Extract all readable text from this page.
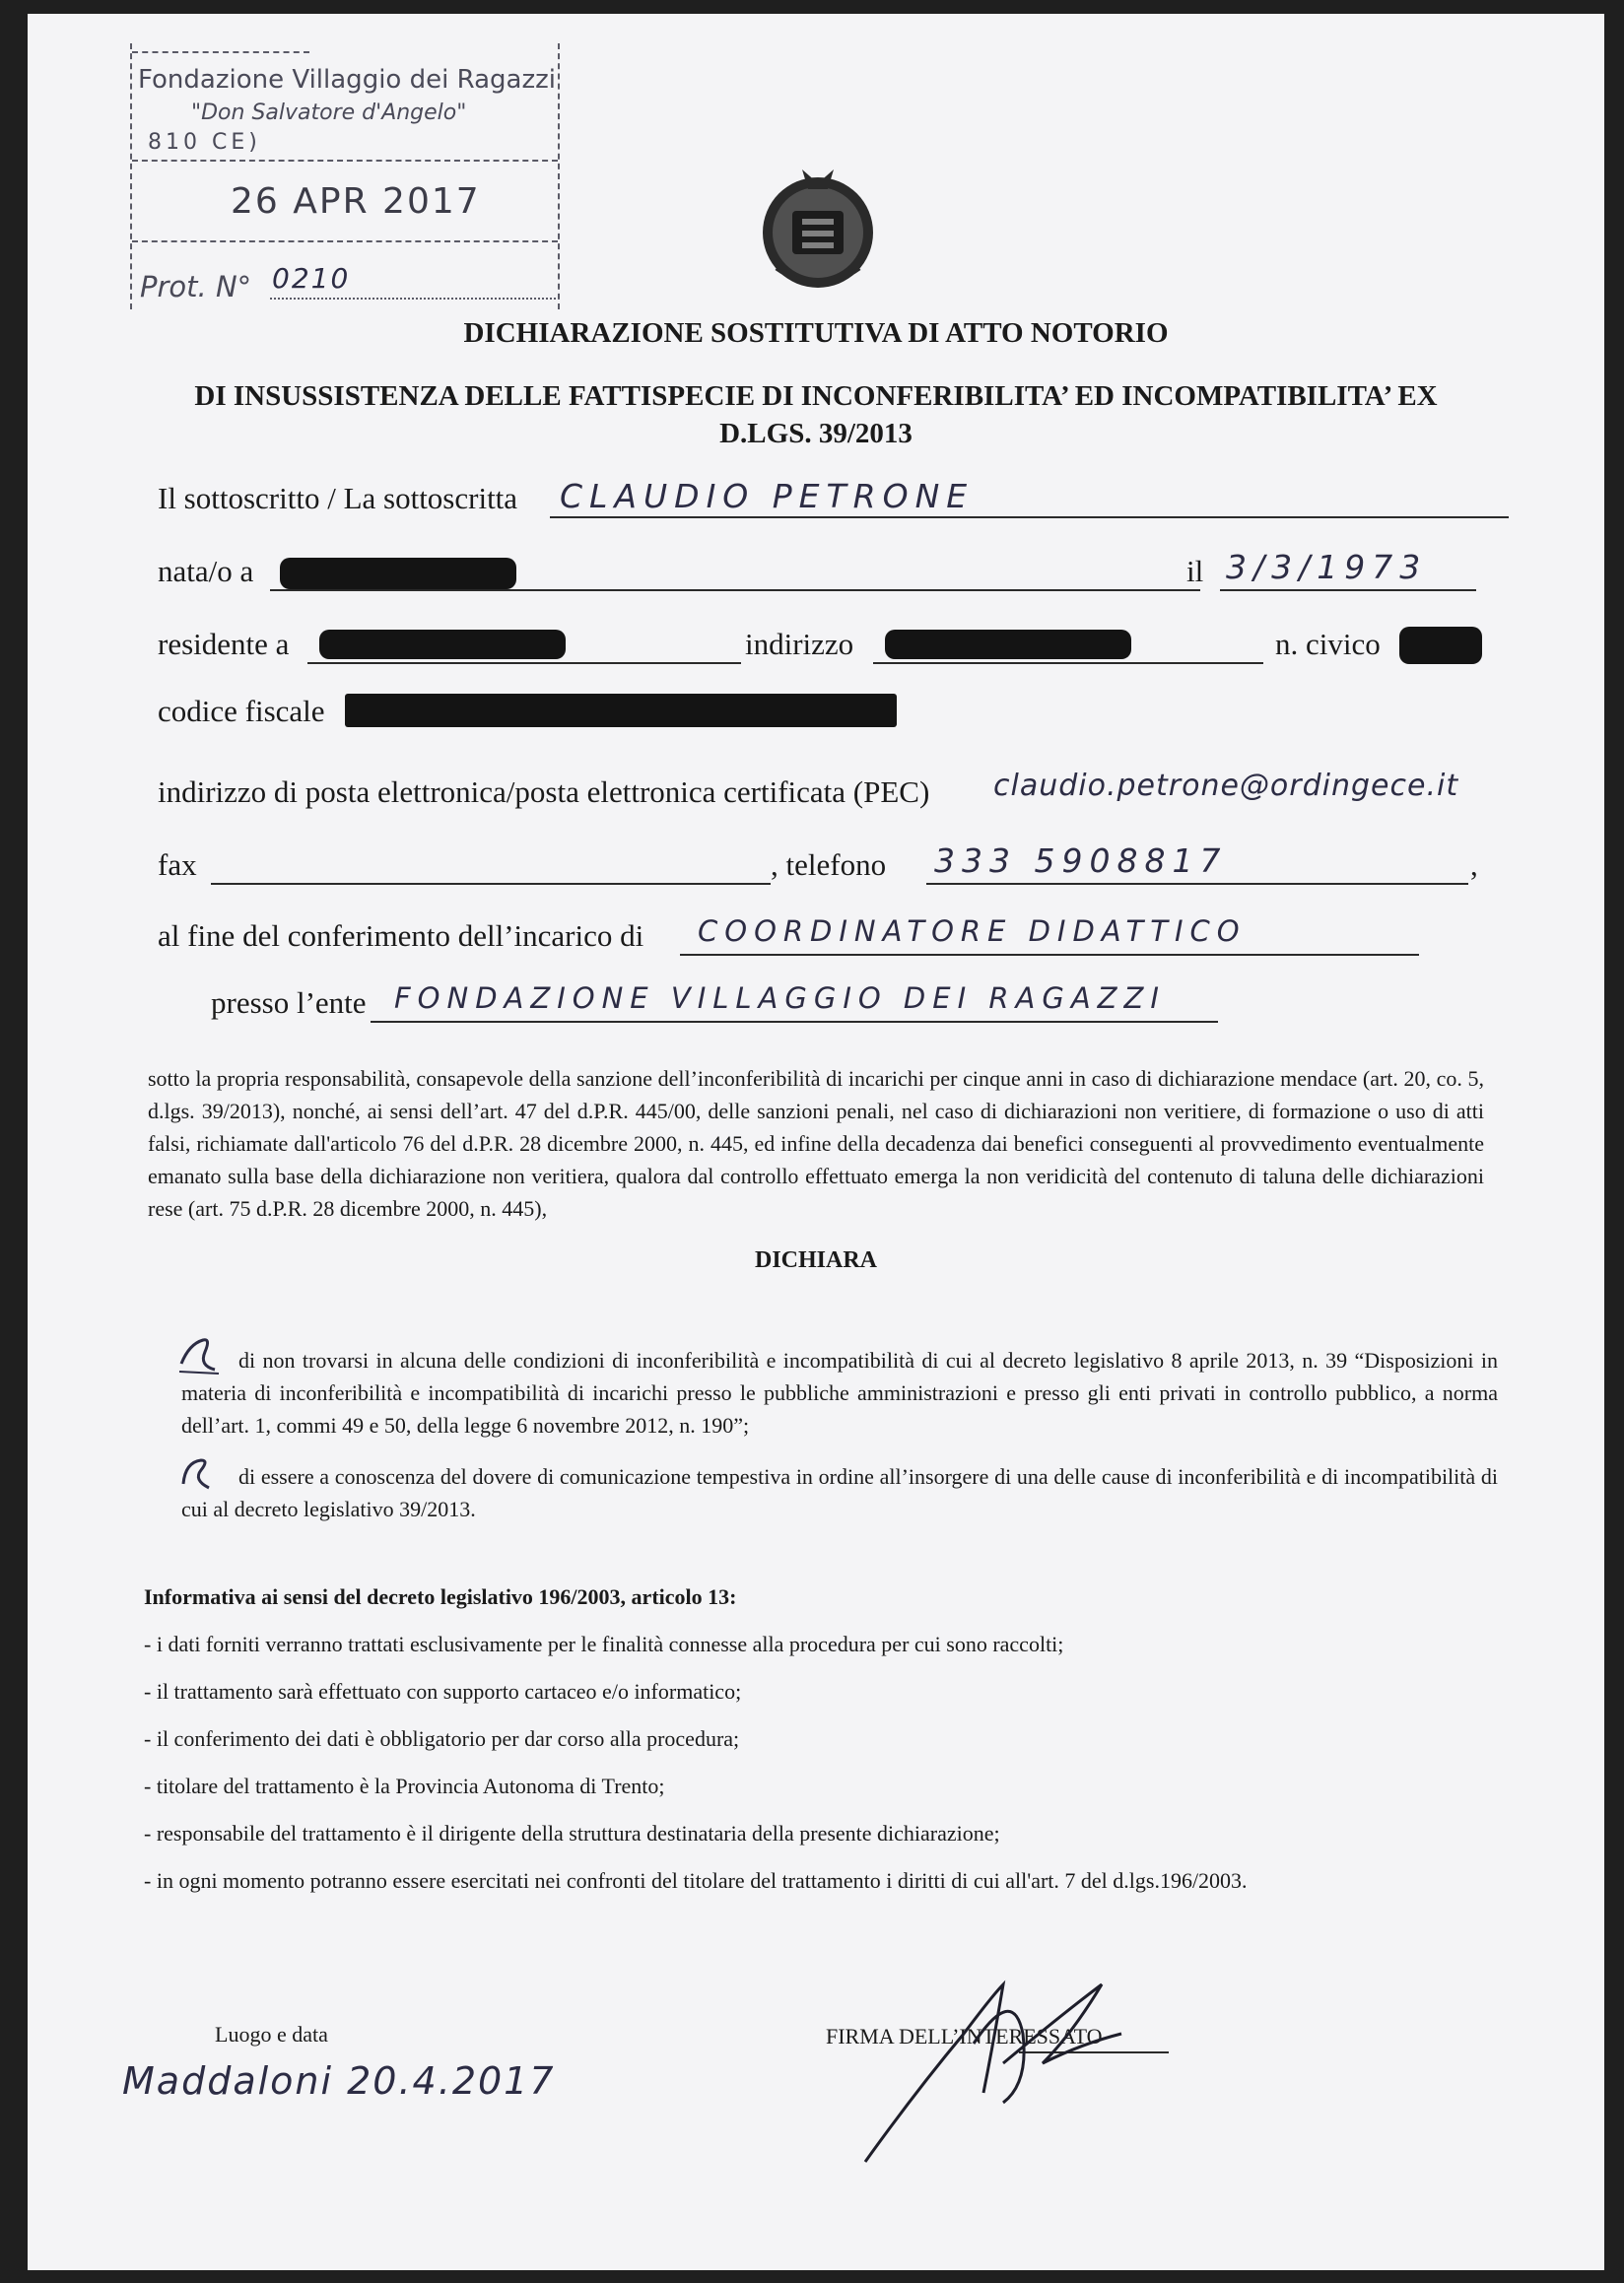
Fondazione Villaggio dei Ragazzi
"Don Salvatore d'Angelo"
810 CE)
26 APR 2017
Prot. N° 0210
DICHIARAZIONE SOSTITUTIVA DI ATTO NOTORIO
DI INSUSSISTENZA DELLE FATTISPECIE DI INCONFERIBILITA’ ED INCOMPATIBILITA’ EX
D.LGS. 39/2013
Il sottoscritto / La sottoscritta CLAUDIO PETRONE
nata/o a	il 3/3/1973
residente a	indirizzo	n. civico
codice fiscale
indirizzo di posta elettronica/posta elettronica certificata (PEC) claudio.petrone@ordingece.it
fax	, telefono 333 5908817	,
al fine del conferimento dell’incarico di COORDINATORE DIDATTICO
presso l’ente FONDAZIONE VILLAGGIO DEI RAGAZZI
sotto la propria responsabilità, consapevole della sanzione dell’inconferibilità di incarichi per cinque anni in caso di dichiarazione mendace (art. 20, co. 5, d.lgs. 39/2013), nonché, ai sensi dell’art. 47 del d.P.R. 445/00, delle sanzioni penali, nel caso di dichiarazioni non veritiere, di formazione o uso di atti falsi, richiamate dall'articolo 76 del d.P.R. 28 dicembre 2000, n. 445, ed infine della decadenza dai benefici conseguenti al provvedimento eventualmente emanato sulla base della dichiarazione non veritiera, qualora dal controllo effettuato emerga la non veridicità del contenuto di taluna delle dichiarazioni rese (art. 75 d.P.R. 28 dicembre 2000, n. 445),
DICHIARA
di non trovarsi in alcuna delle condizioni di inconferibilità e incompatibilità di cui al decreto legislativo 8 aprile 2013, n. 39 “Disposizioni in materia di inconferibilità e incompatibilità di incarichi presso le pubbliche amministrazioni e presso gli enti privati in controllo pubblico, a norma dell’art. 1, commi 49 e 50, della legge 6 novembre 2012, n. 190”;
di essere a conoscenza del dovere di comunicazione tempestiva in ordine all’insorgere di una delle cause di inconferibilità e di incompatibilità di cui al decreto legislativo 39/2013.
Informativa ai sensi del decreto legislativo 196/2003, articolo 13:
- i dati forniti verranno trattati esclusivamente per le finalità connesse alla procedura per cui sono raccolti;
- il trattamento sarà effettuato con supporto cartaceo e/o informatico;
- il conferimento dei dati è obbligatorio per dar corso alla procedura;
- titolare del trattamento è la Provincia Autonoma di Trento;
- responsabile del trattamento è il dirigente della struttura destinataria della presente dichiarazione;
- in ogni momento potranno essere esercitati nei confronti del titolare del trattamento i diritti di cui all'art. 7 del d.lgs.196/2003.
Luogo e data
Maddaloni 20.4.2017
FIRMA DELL’INTERESSATO
